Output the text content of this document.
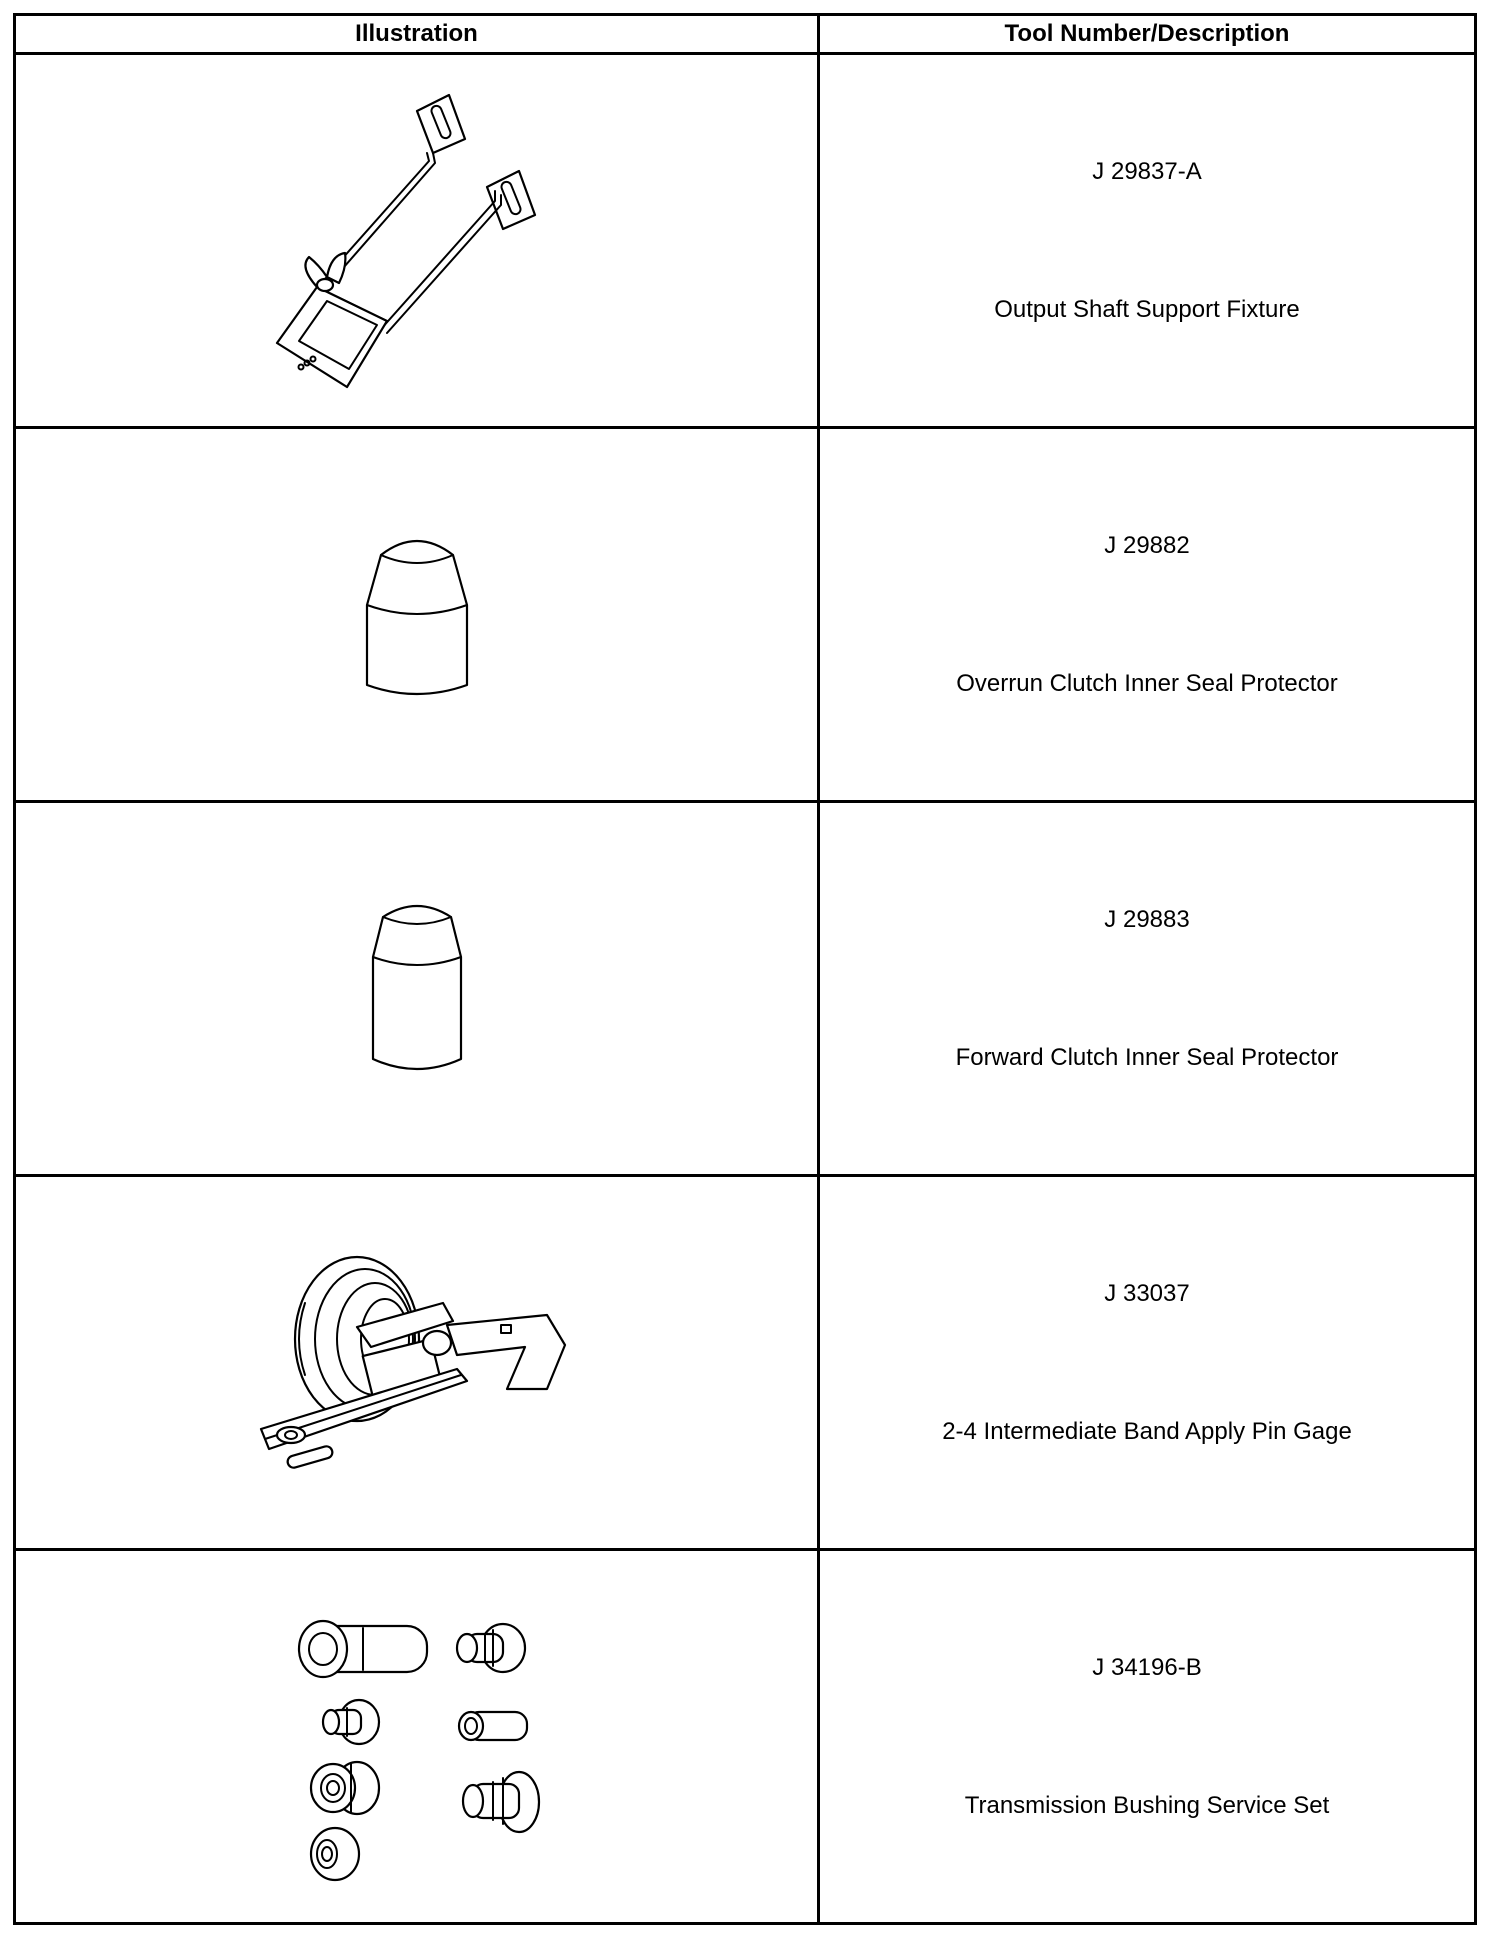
Illustration	Tool Number/Description

J 29837-A
Output Shaft Support Fixture

J 29882
Overrun Clutch Inner Seal Protector

J 29883
Forward Clutch Inner Seal Protector

J 33037
2-4 Intermediate Band Apply Pin Gage

J 34196-B
Transmission Bushing Service Set
